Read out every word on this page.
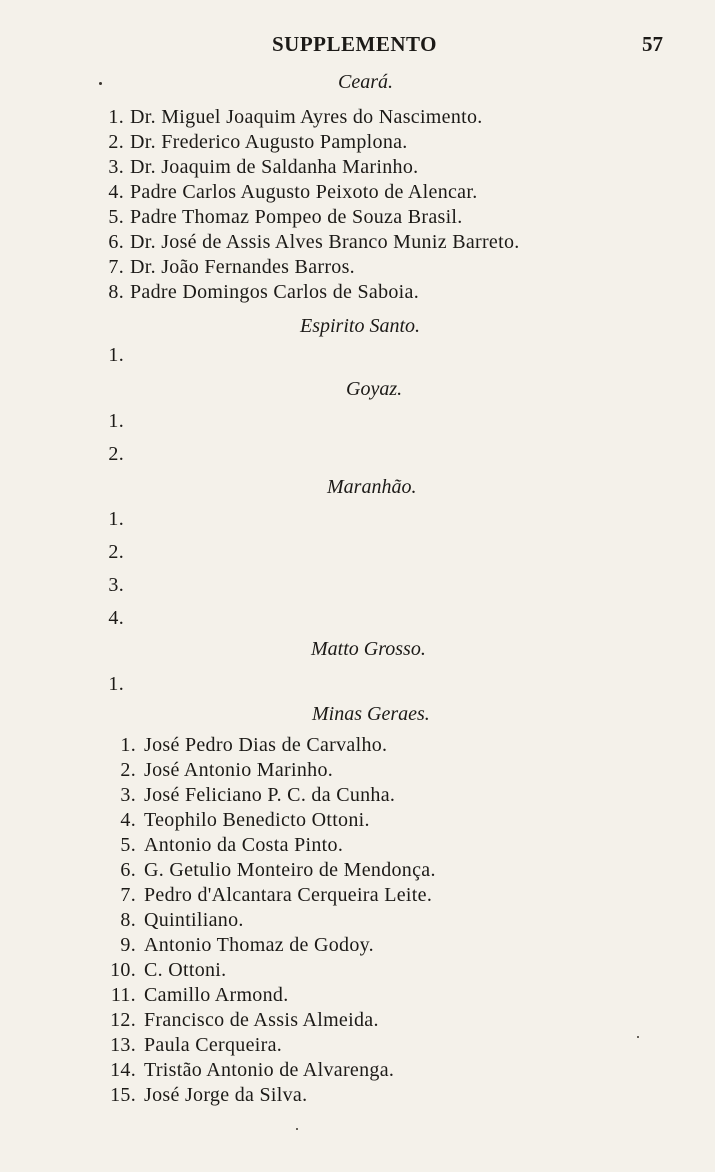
SUPPLEMENTO	57
Ceará.
1. Dr. Miguel Joaquim Ayres do Nascimento.
2. Dr. Frederico Augusto Pamplona.
3. Dr. Joaquim de Saldanha Marinho.
4. Padre Carlos Augusto Peixoto de Alencar.
5. Padre Thomaz Pompeo de Souza Brasil.
6. Dr. José de Assis Alves Branco Muniz Barreto.
7. Dr. João Fernandes Barros.
8. Padre Domingos Carlos de Saboia.
Espirito Santo.
1.
Goyaz.
1.
2.
Maranhão.
1.
2.
3.
4.
Matto Grosso.
1.
Minas Geraes.
1. José Pedro Dias de Carvalho.
2. José Antonio Marinho.
3. José Feliciano P. C. da Cunha.
4. Teophilo Benedicto Ottoni.
5. Antonio da Costa Pinto.
6. G. Getulio Monteiro de Mendonça.
7. Pedro d'Alcantara Cerqueira Leite.
8. Quintiliano.
9. Antonio Thomaz de Godoy.
10. C. Ottoni.
11. Camillo Armond.
12. Francisco de Assis Almeida.
13. Paula Cerqueira.
14. Tristão Antonio de Alvarenga.
15. José Jorge da Silva.
